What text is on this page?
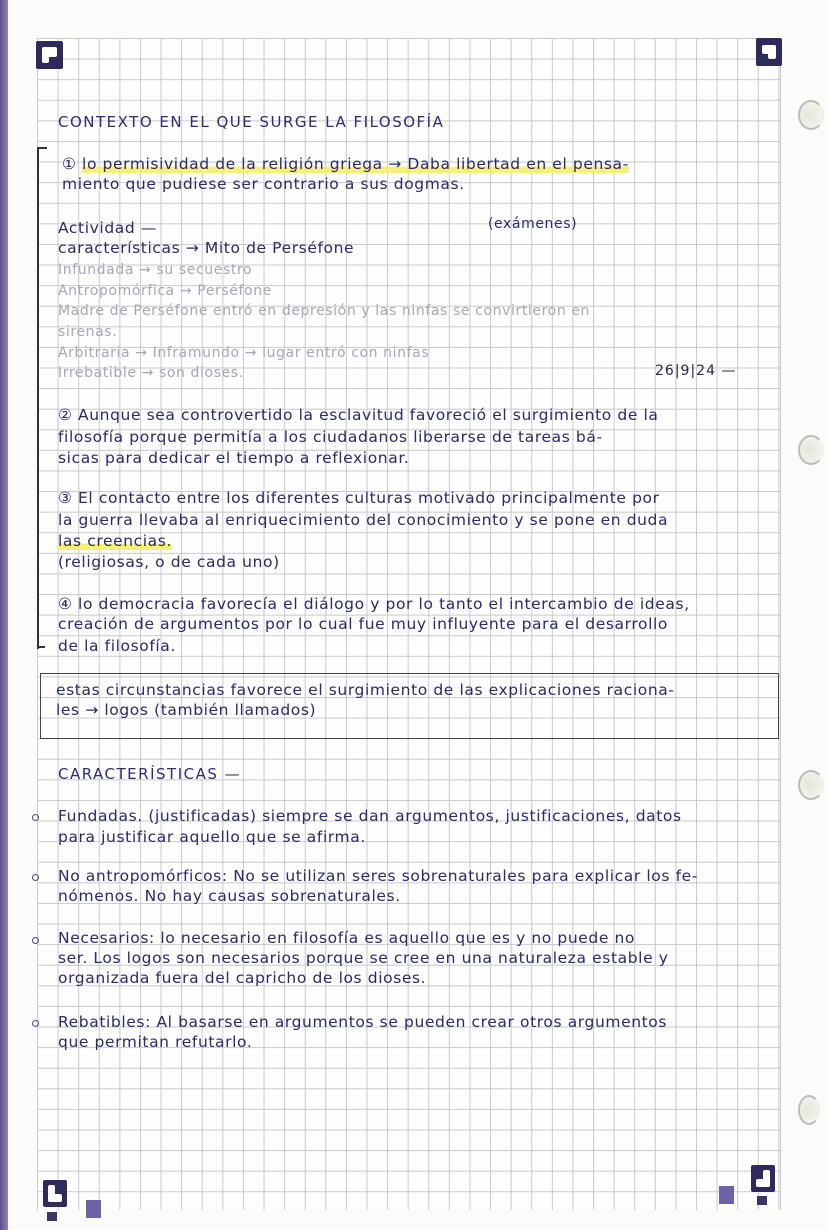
CONTEXTO EN EL QUE SURGE LA FILOSOFÍA
① lo permisividad de la religión griega → Daba libertad en el pensa-
miento que pudiese ser contrario a sus dogmas.
Actividad —
características → Mito de Perséfone
(exámenes)
Infundada → su secuestro
Antropomórfica → Perséfone
Madre de Perséfone entró en depresión y las ninfas se convirtieron en
sirenas.
Arbitraria → Inframundo → lugar entró con ninfas
Irrebatible → son dioses.	26|9|24 —
② Aunque sea controvertido la esclavitud favoreció el surgimiento de la
filosofía porque permitía a los ciudadanos liberarse de tareas bá-
sicas para dedicar el tiempo a reflexionar.
③ El contacto entre los diferentes culturas motivado principalmente por
la guerra llevaba al enriquecimiento del conocimiento y se pone en duda
las creencias.
(religiosas, o de cada uno)
④ lo democracia favorecía el diálogo y por lo tanto el intercambio de ideas,
creación de argumentos por lo cual fue muy influyente para el desarrollo
de la filosofía.
estas circunstancias favorece el surgimiento de las explicaciones raciona-
les → logos (también llamados)
CARACTERÍSTICAS —
Fundadas. (justificadas) siempre se dan argumentos, justificaciones, datos
para justificar aquello que se afirma.
No antropomórficos: No se utilizan seres sobrenaturales para explicar los fe-
nómenos. No hay causas sobrenaturales.
Necesarios: lo necesario en filosofía es aquello que es y no puede no
ser. Los logos son necesarios porque se cree en una naturaleza estable y
organizada fuera del capricho de los dioses.
Rebatibles: Al basarse en argumentos se pueden crear otros argumentos
que permitan refutarlo.
